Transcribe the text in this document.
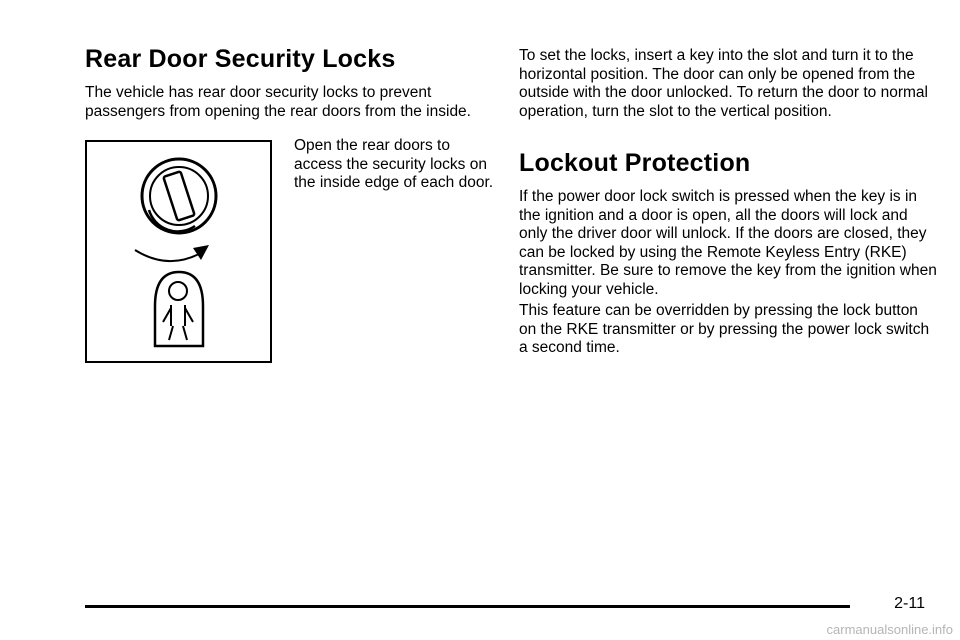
Rear Door Security Locks

The vehicle has rear door security locks to prevent passengers from opening the rear doors from the inside.

Open the rear doors to access the security locks on the inside edge of each door.

To set the locks, insert a key into the slot and turn it to the horizontal position. The door can only be opened from the outside with the door unlocked. To return the door to normal operation, turn the slot to the vertical position.

Lockout Protection

If the power door lock switch is pressed when the key is in the ignition and a door is open, all the doors will lock and only the driver door will unlock. If the doors are closed, they can be locked by using the Remote Keyless Entry (RKE) transmitter. Be sure to remove the key from the ignition when locking your vehicle.

This feature can be overridden by pressing the lock button on the RKE transmitter or by pressing the power lock switch a second time.

2-11
carmanualsonline.info
